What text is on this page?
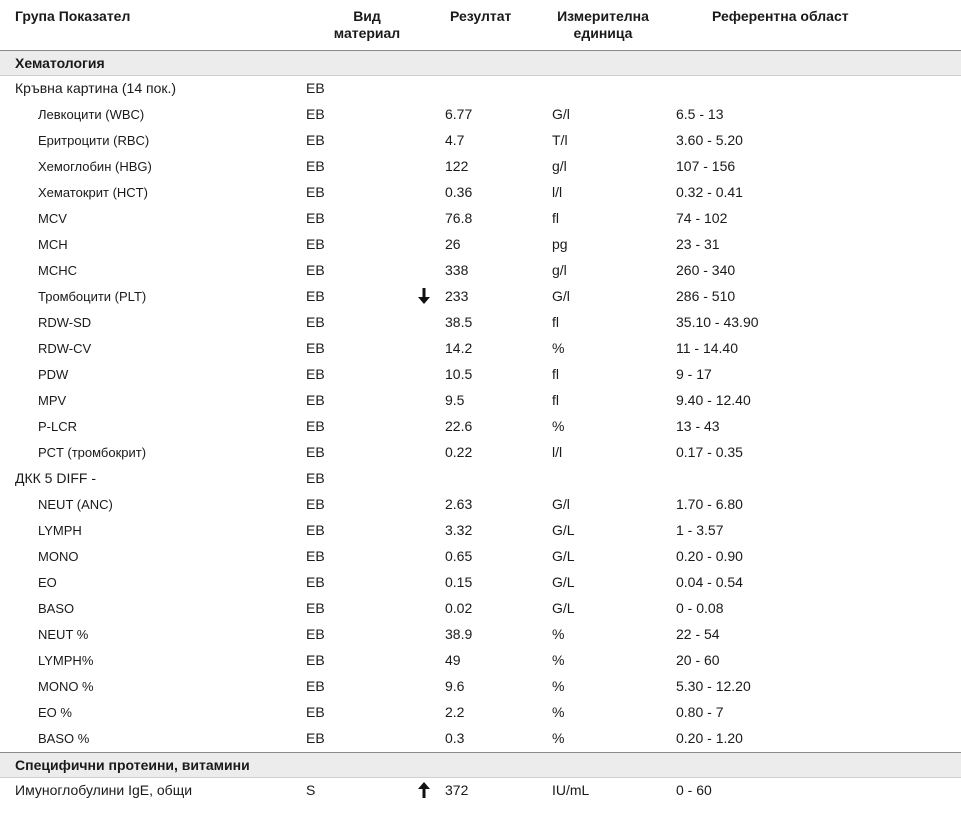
Група Показател	Вид
материал
Резултат	Измерителна
единица
Референтна област
Хематология
Кръвна картина (14 пок.)	ЕВ
Левкоцити (WBC)	ЕВ	6.77	G/l	6.5 - 13
Еритроцити (RBC)	ЕВ	4.7	T/l	3.60 - 5.20
Хемоглобин (HBG)	ЕВ	122	g/l	107 - 156
Хематокрит (HCT)	ЕВ	0.36	l/l	0.32 - 0.41
MCV	ЕВ	76.8	fl	74 - 102
MCH	ЕВ	26	pg	23 - 31
MCHC	ЕВ	338	g/l	260 - 340
Тромбоцити (PLT)	ЕВ	233	G/l	286 - 510
RDW-SD	ЕВ	38.5	fl	35.10 - 43.90
RDW-CV	ЕВ	14.2	%	11 - 14.40
PDW	ЕВ	10.5	fl	9 - 17
MPV	ЕВ	9.5	fl	9.40 - 12.40
P-LCR	ЕВ	22.6	%	13 - 43
PCT (тромбокрит)	ЕВ	0.22	l/l	0.17 - 0.35
ДКК 5 DIFF -	ЕВ
NEUT (ANC)	ЕВ	2.63	G/l	1.70 - 6.80
LYMPH	ЕВ	3.32	G/L	1 - 3.57
MONO	ЕВ	0.65	G/L	0.20 - 0.90
EO	ЕВ	0.15	G/L	0.04 - 0.54
BASO	ЕВ	0.02	G/L	0 - 0.08
NEUT %	ЕВ	38.9	%	22 - 54
LYMPH%	ЕВ	49	%	20 - 60
MONO %	ЕВ	9.6	%	5.30 - 12.20
EO %	ЕВ	2.2	%	0.80 - 7
BASO %	ЕВ	0.3	%	0.20 - 1.20
Специфични протеини, витамини
Имуноглобулини IgE, общи	S	372	IU/mL	0 - 60
